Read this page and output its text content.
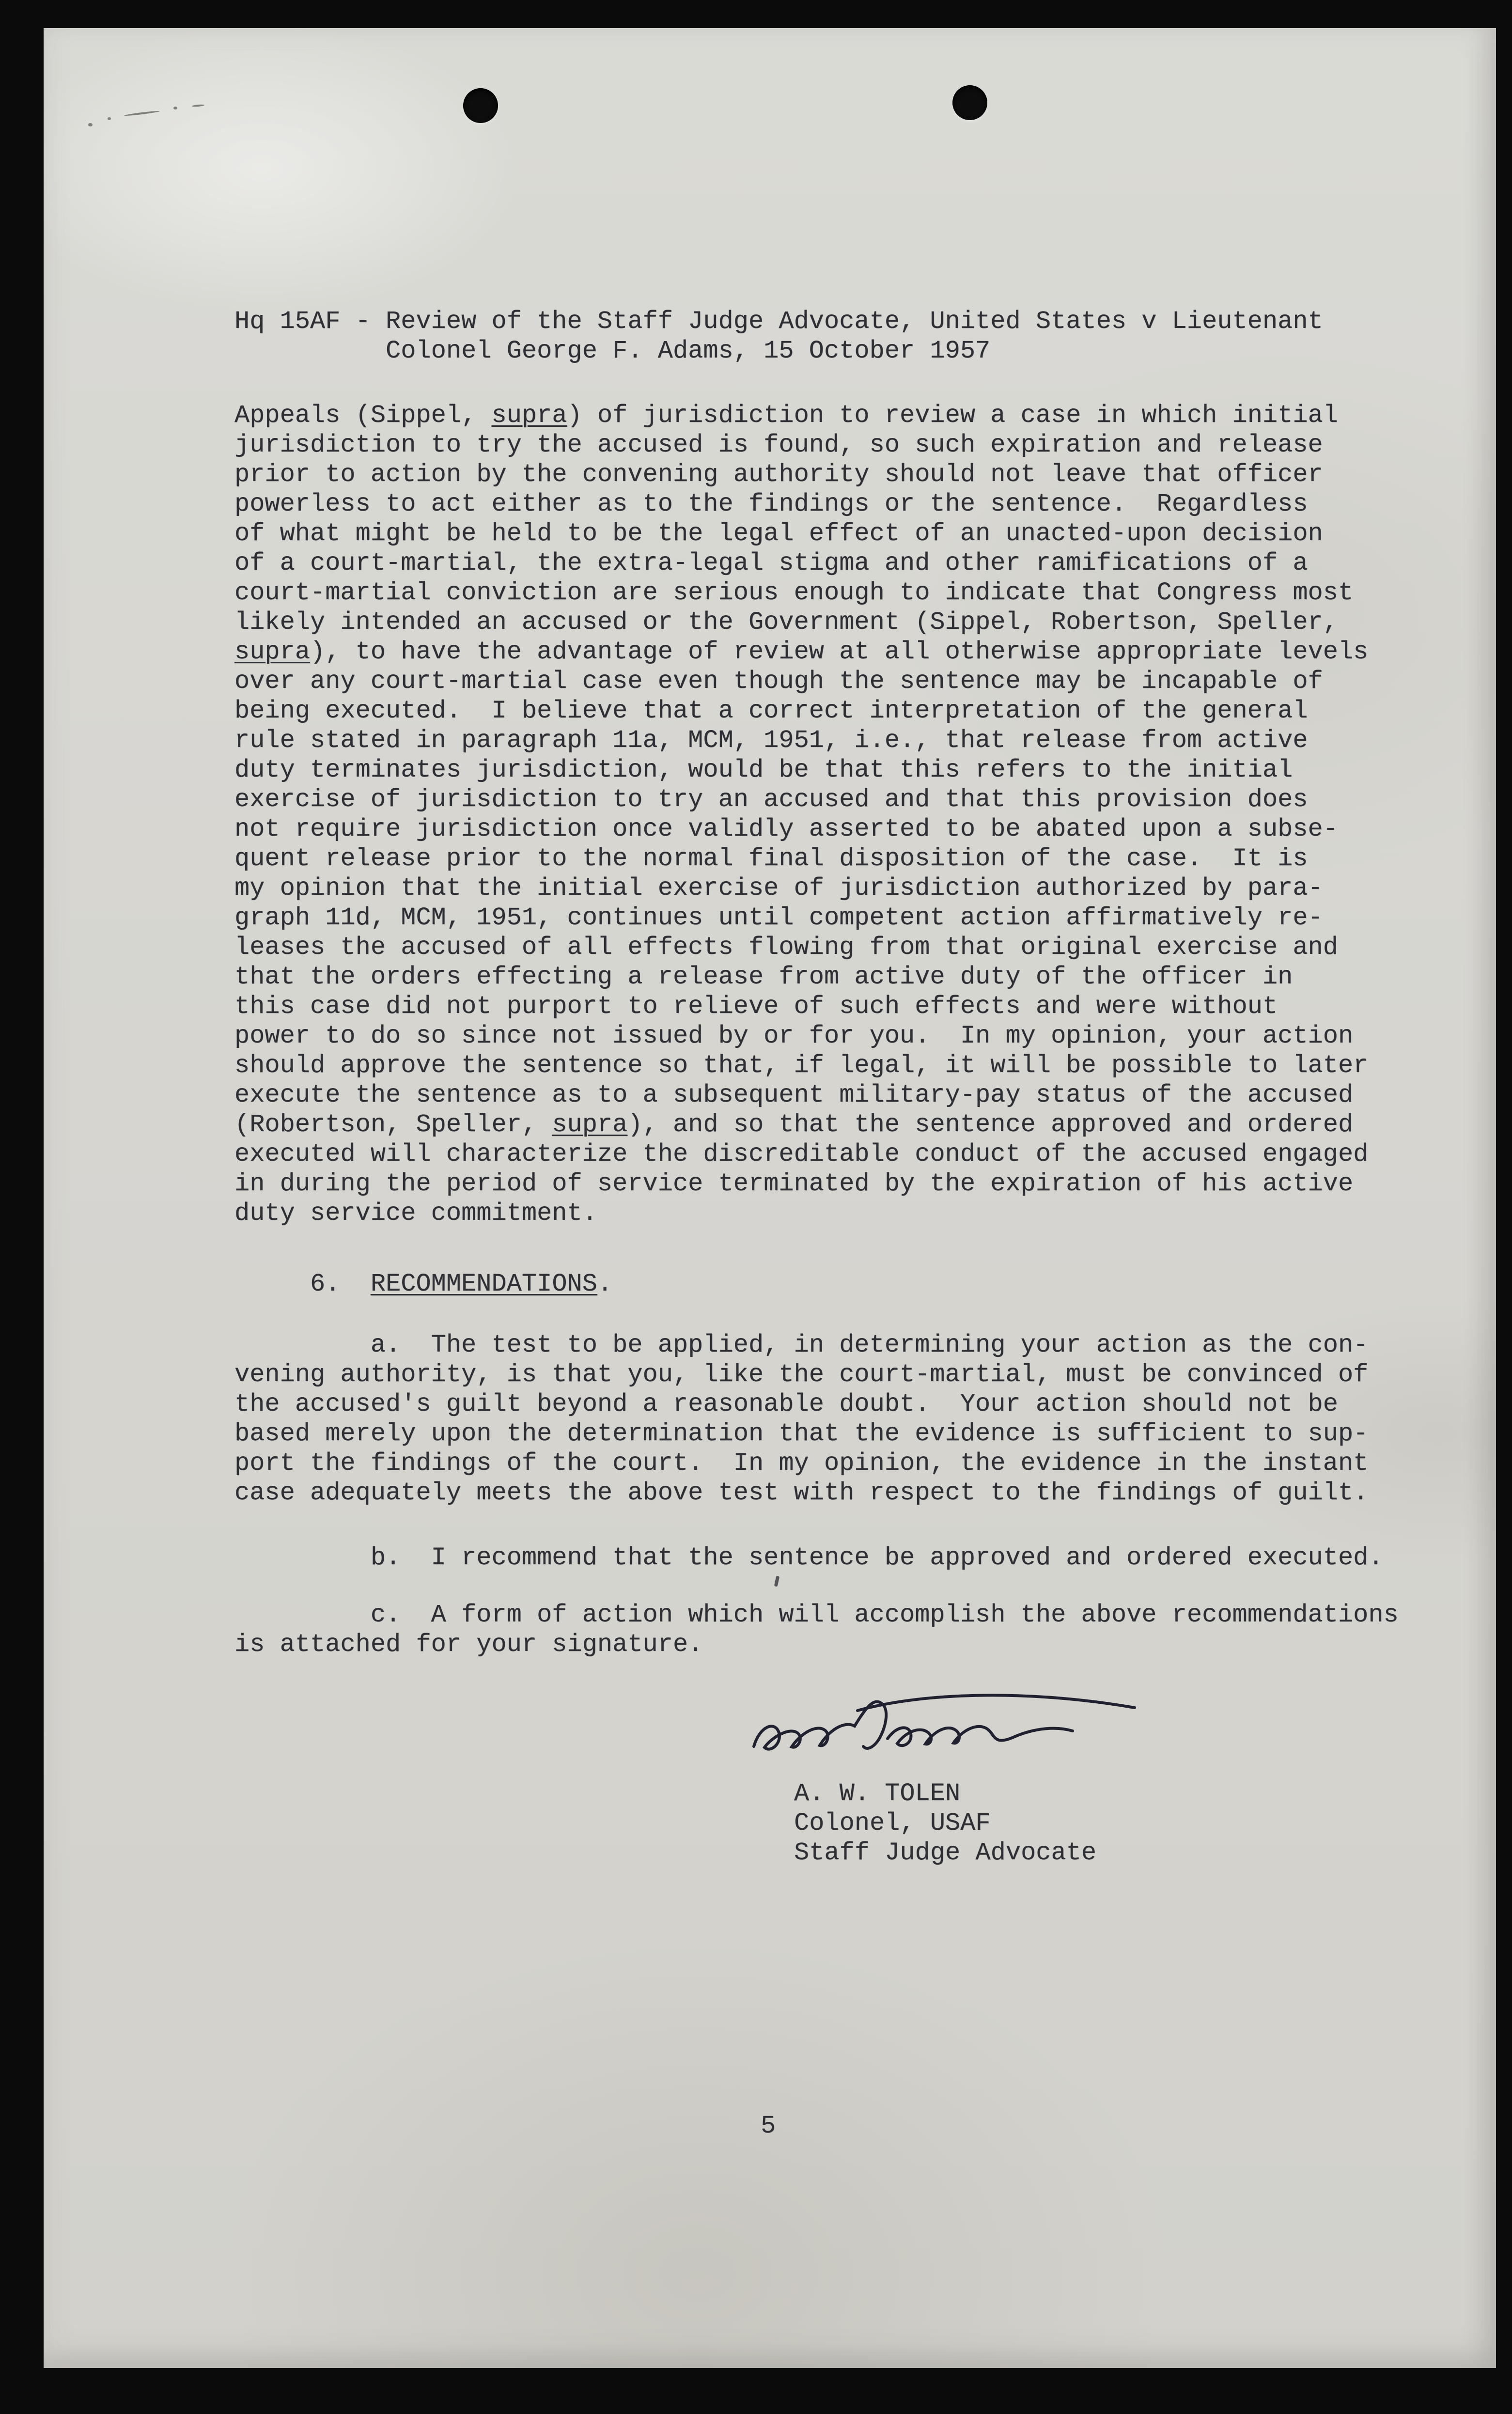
Hq 15AF - Review of the Staff Judge Advocate, United States v Lieutenant
Colonel George F. Adams, 15 October 1957
Appeals (Sippel, supra) of jurisdiction to review a case in which initial
jurisdiction to try the accused is found, so such expiration and release
prior to action by the convening authority should not leave that officer
powerless to act either as to the findings or the sentence.  Regardless
of what might be held to be the legal effect of an unacted-upon decision
of a court-martial, the extra-legal stigma and other ramifications of a
court-martial conviction are serious enough to indicate that Congress most
likely intended an accused or the Government (Sippel, Robertson, Speller,
supra), to have the advantage of review at all otherwise appropriate levels
over any court-martial case even though the sentence may be incapable of
being executed.  I believe that a correct interpretation of the general
rule stated in paragraph 11a, MCM, 1951, i.e., that release from active
duty terminates jurisdiction, would be that this refers to the initial
exercise of jurisdiction to try an accused and that this provision does
not require jurisdiction once validly asserted to be abated upon a subse-
quent release prior to the normal final disposition of the case.  It is
my opinion that the initial exercise of jurisdiction authorized by para-
graph 11d, MCM, 1951, continues until competent action affirmatively re-
leases the accused of all effects flowing from that original exercise and
that the orders effecting a release from active duty of the officer in
this case did not purport to relieve of such effects and were without
power to do so since not issued by or for you.  In my opinion, your action
should approve the sentence so that, if legal, it will be possible to later
execute the sentence as to a subsequent military-pay status of the accused
(Robertson, Speller, supra), and so that the sentence approved and ordered
executed will characterize the discreditable conduct of the accused engaged
in during the period of service terminated by the expiration of his active
duty service commitment.
6.  RECOMMENDATIONS.
a.  The test to be applied, in determining your action as the con-
vening authority, is that you, like the court-martial, must be convinced of
the accused's guilt beyond a reasonable doubt.  Your action should not be
based merely upon the determination that the evidence is sufficient to sup-
port the findings of the court.  In my opinion, the evidence in the instant
case adequately meets the above test with respect to the findings of guilt.
b.  I recommend that the sentence be approved and ordered executed.
c.  A form of action which will accomplish the above recommendations
is attached for your signature.
A. W. TOLEN
Colonel, USAF
Staff Judge Advocate
5
